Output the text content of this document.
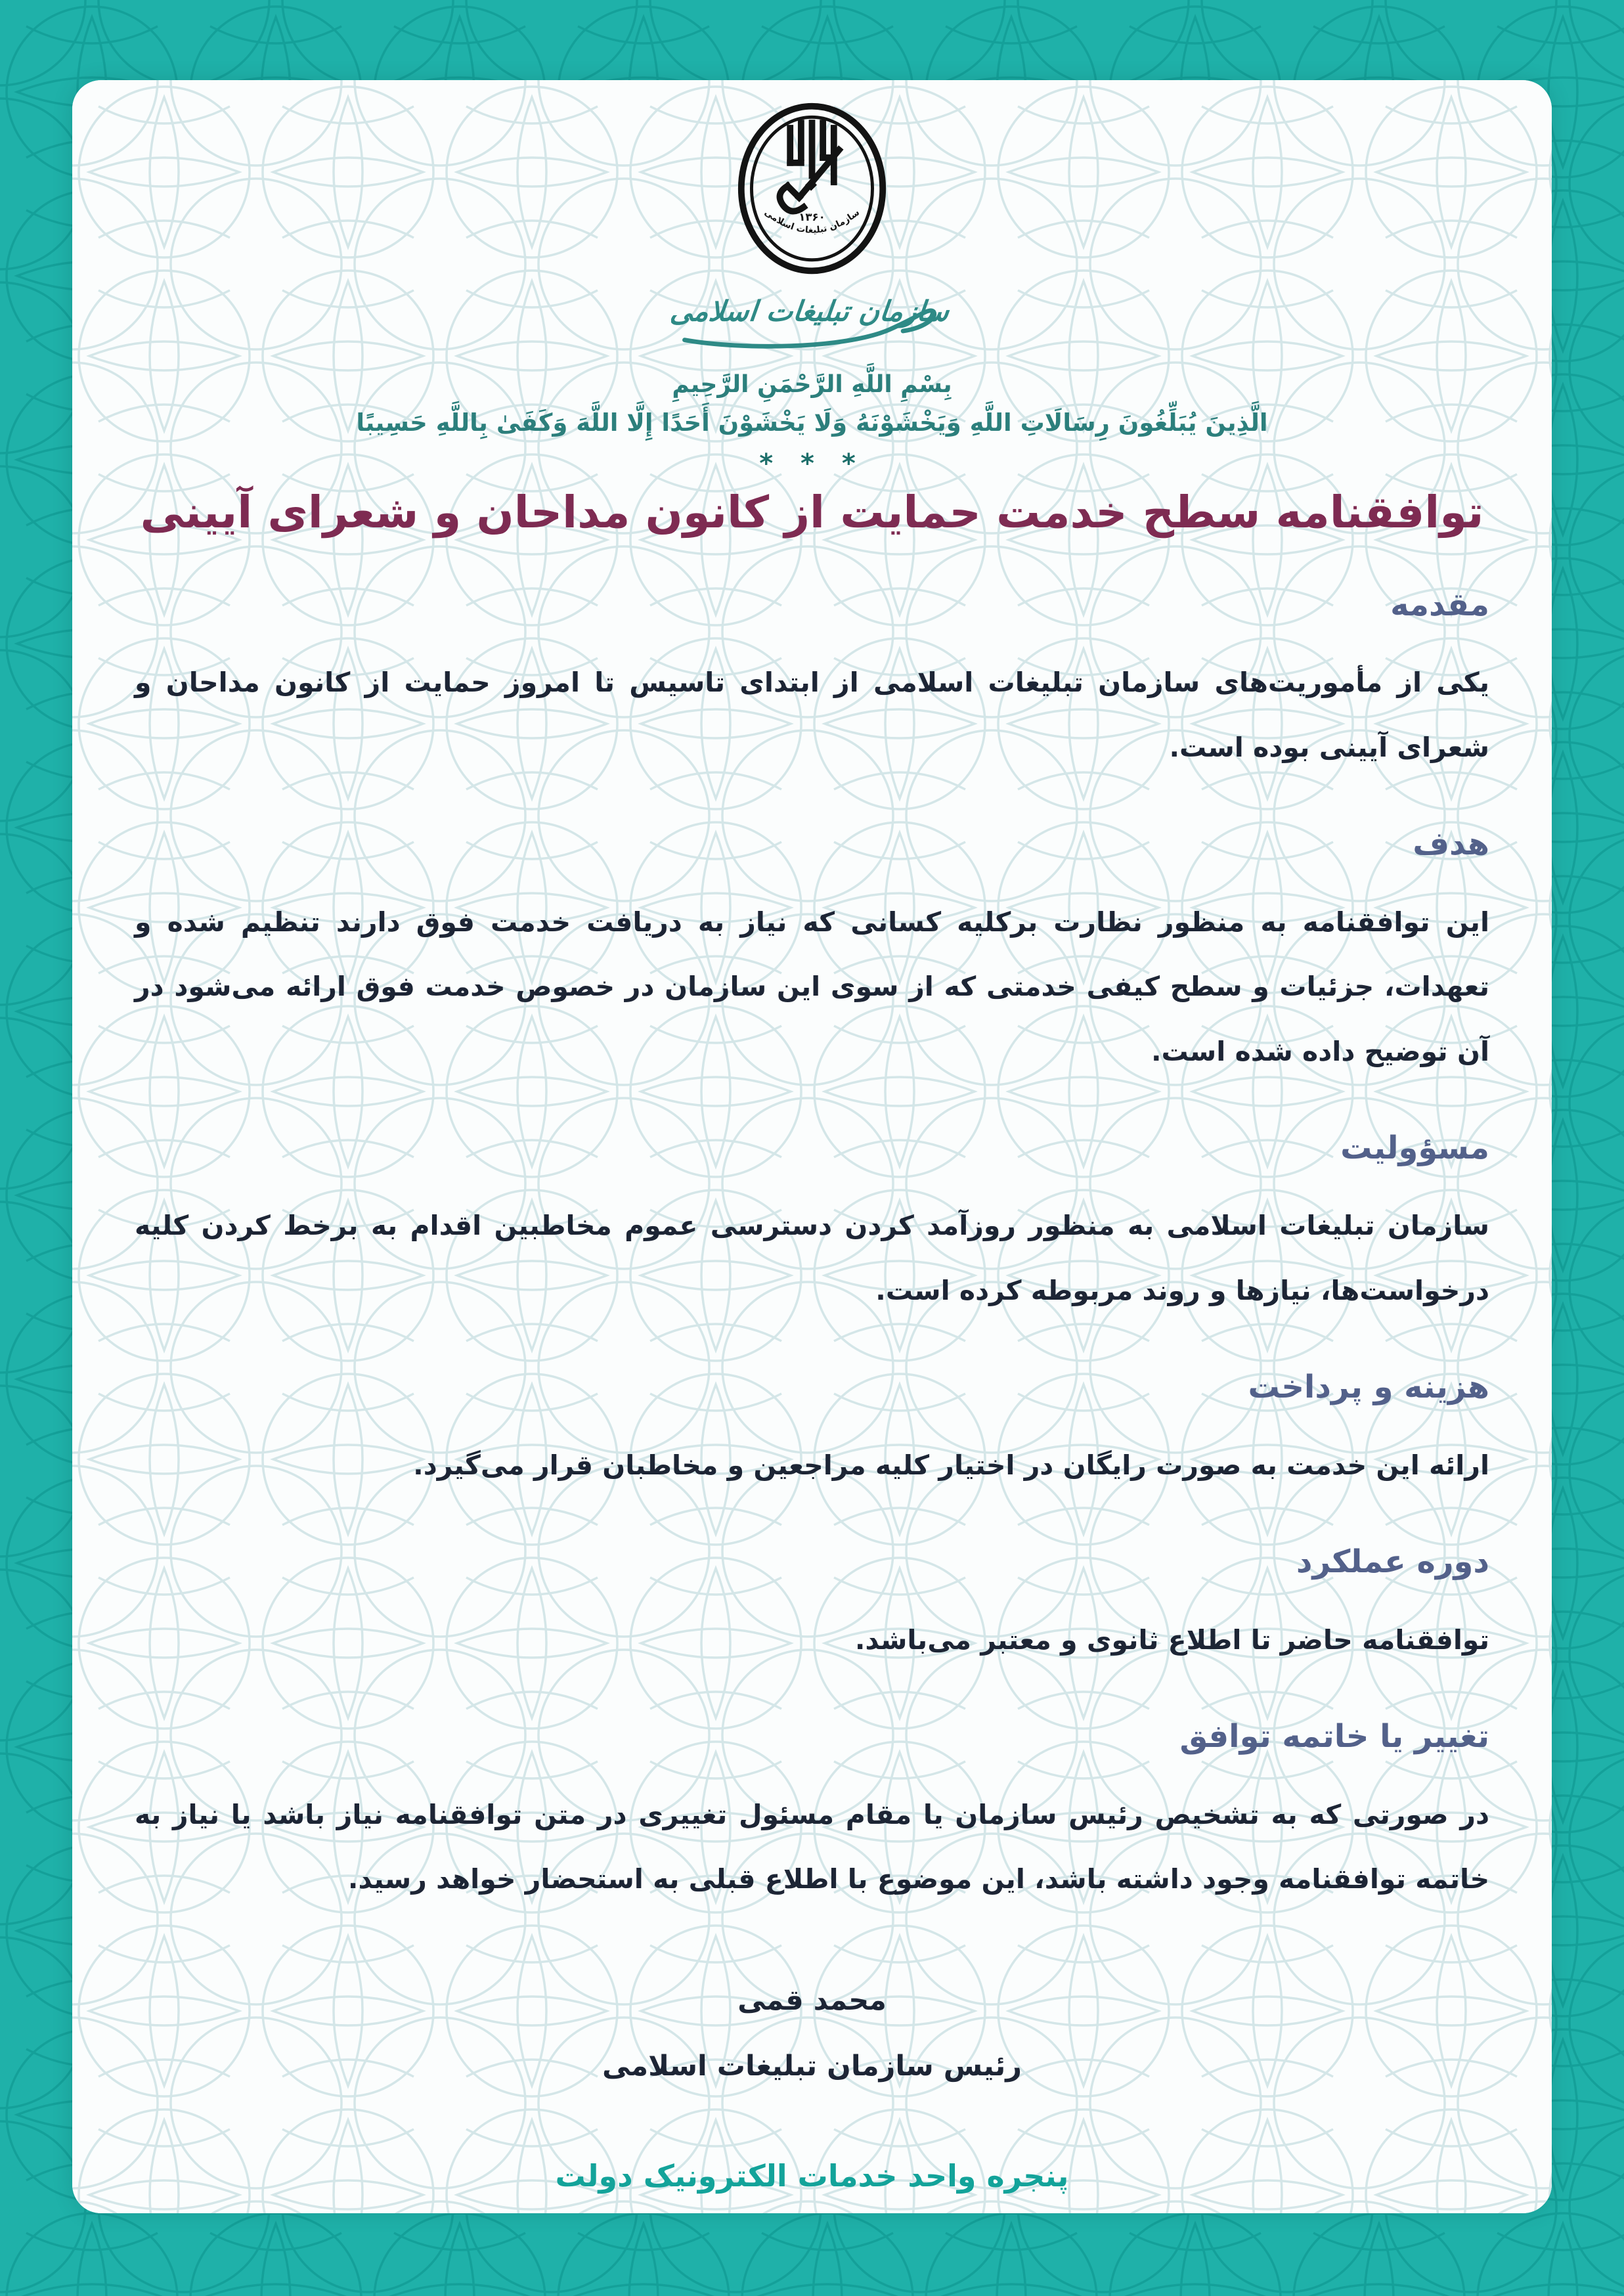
۱۳۶۰
سازمان تبلیغات اسلامی
سازمان تبلیغات اسلامی
بِسْمِ اللَّهِ الرَّحْمَنِ الرَّحِيمِ
الَّذِينَ يُبَلِّغُونَ رِسَالَاتِ اللَّهِ وَيَخْشَوْنَهُ وَلَا يَخْشَوْنَ أَحَدًا إِلَّا اللَّهَ وَكَفَىٰ بِاللَّهِ حَسِيبًا
* * *
توافقنامه سطح خدمت حمایت از کانون مداحان و شعرای آیینی
مقدمه

یکی از مأموریت‌های سازمان تبلیغات اسلامی از ابتدای تاسیس تا امروز حمایت از کانون مداحان و شعرای آیینی بوده است.

هدف

این توافقنامه به منظور نظارت برکلیه کسانی که نیاز به دریافت خدمت فوق دارند تنظیم شده و تعهدات، جزئیات و سطح کیفی خدمتی که از سوی این سازمان در خصوص خدمت فوق ارائه می‌شود در آن توضیح داده شده است.

مسؤولیت

سازمان تبلیغات اسلامی به منظور روزآمد کردن دسترسی عموم مخاطبین اقدام به برخط کردن کلیه درخواست‌ها، نیازها و روند مربوطه کرده است.

هزینه و پرداخت

ارائه این خدمت به صورت رایگان در اختیار کلیه مراجعین و مخاطبان قرار می‌گیرد.

دوره عملکرد

توافقنامه حاضر تا اطلاع ثانوی و معتبر می‌باشد.

تغییر یا خاتمه توافق

در صورتی که به تشخیص رئیس سازمان یا مقام مسئول تغییری در متن توافقنامه نیاز باشد یا نیاز به خاتمه توافقنامه وجود داشته باشد، این موضوع با اطلاع قبلی به استحضار خواهد رسید.

محمد قمی
رئیس سازمان تبلیغات اسلامی
پنجره واحد خدمات الکترونیک دولت
